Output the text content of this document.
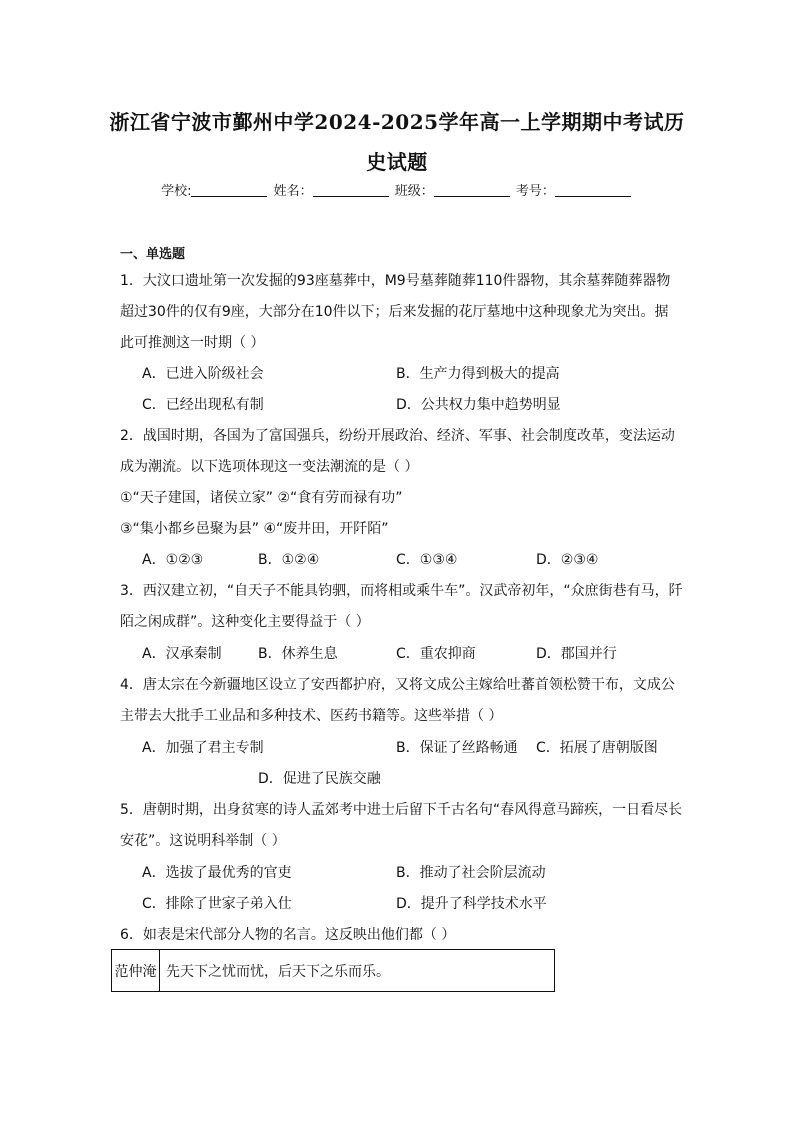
浙江省宁波市鄞州中学2024-2025学年高一上学期期中考试历
史试题
学校:	姓名：	班级：	考号：
一、单选题
1．大汶口遗址第一次发掘的93座墓葬中，M9号墓葬随葬110件器物，其余墓葬随葬器物
超过30件的仅有9座，大部分在10件以下；后来发掘的花厅墓地中这种现象尤为突出。据
此可推测这一时期（ ）
A．已进入阶级社会	B．生产力得到极大的提高
C．已经出现私有制	D．公共权力集中趋势明显
2．战国时期，各国为了富国强兵，纷纷开展政治、经济、军事、社会制度改革，变法运动
成为潮流。以下选项体现这一变法潮流的是（ ）
①“天子建国，诸侯立家” ②“食有劳而禄有功”
③“集小都乡邑聚为县” ④“废井田，开阡陌”
A．①②③	B．①②④	C．①③④	D．②③④
3．西汉建立初，“自天子不能具钧驷，而将相或乘牛车”。汉武帝初年，“众庶街巷有马，阡
陌之闲成群”。这种变化主要得益于（ ）
A．汉承秦制	B．休养生息	C．重农抑商	D．郡国并行
4．唐太宗在今新疆地区设立了安西都护府，又将文成公主嫁给吐蕃首领松赞干布，文成公
主带去大批手工业品和多种技术、医药书籍等。这些举措（ ）
A．加强了君主专制	B．保证了丝路畅通 C．拓展了唐朝版图
D．促进了民族交融
5．唐朝时期，出身贫寒的诗人孟郊考中进士后留下千古名句“春风得意马蹄疾，一日看尽长
安花”。这说明科举制（ ）
A．选拔了最优秀的官吏	B．推动了社会阶层流动
C．排除了世家子弟入仕	D．提升了科学技术水平
6．如表是宋代部分人物的名言。这反映出他们都（ ）
范仲淹	先天下之忧而忧，后天下之乐而乐。
